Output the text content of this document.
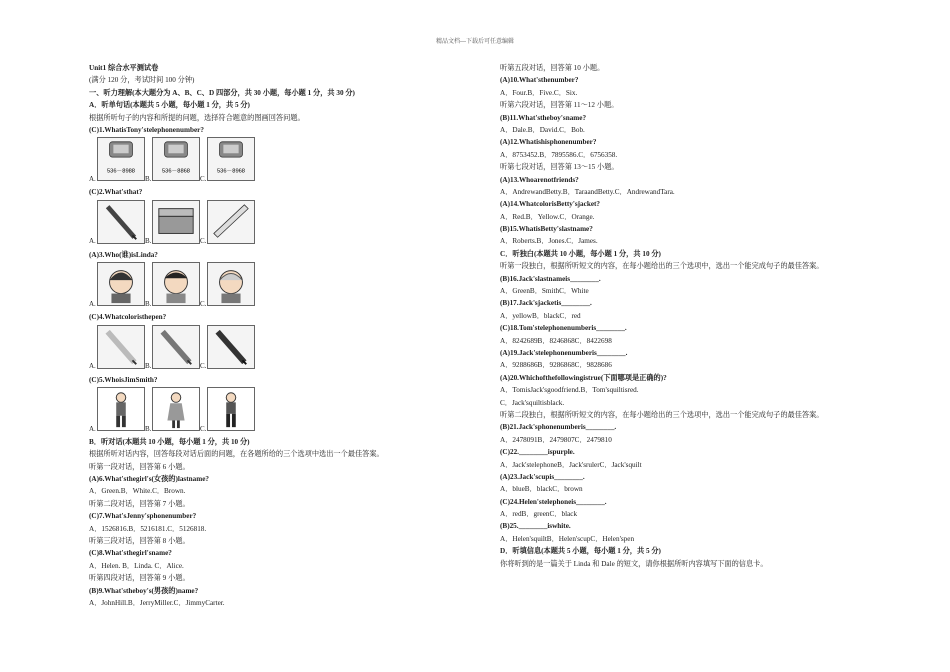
精品文档---下载后可任意编辑
Unit1 综合水平测试卷
(满分 120 分，考试时间 100 分钟)
一、听力理解(本大题分为 A、B、C、D 四部分，共 30 小题，每小题 1 分，共 30 分)
A．听单句话(本题共 5 小题，每小题 1 分，共 5 分)
根据所听句子的内容和所提的问题，选择符合题意的图画回答问题。
(C)1.WhatisTony'stelephonenumber?
A.
536－8988
B.
536－8868
C.
536－8968
(C)2.What'sthat?
A.	B.	C.
(A)3.Who(谁)isLinda?
A.	B.	C.
(C)4.Whatcoloristhepen?
A.	B.	C.
(C)5.WhoisJimSmith?
A.	B.	C.
B．听对话(本题共 10 小题，每小题 1 分，共 10 分)
根据所听对话内容，回答每段对话后面的问题，在各题所给的三个选项中选出一个最佳答案。
听第一段对话，回答第 6 小题。
(A)6.What'sthegirl's(女孩的)lastname?
A．Green.B．White.C．Brown.
听第二段对话，回答第 7 小题。
(C)7.What'sJenny'sphonenumber?
A．1526816.B．5216181.C．5126818.
听第三段对话，回答第 8 小题。
(C)8.What'sthegirl'sname?
A．Helen. B．Linda. C．Alice.
听第四段对话，回答第 9 小题。
(B)9.What'stheboy's(男孩的)name?
A．JohnHill.B．JerryMiller.C．JimmyCarter.
听第五段对话，回答第 10 小题。
(A)10.What'sthenumber?
A．Four.B．Five.C．Six.
听第六段对话，回答第 11～12 小题。
(B)11.What'stheboy'sname?
A．Dale.B．David.C．Bob.
(A)12.Whatishisphonenumber?
A．8753452.B．7895586.C．6756358.
听第七段对话，回答第 13～15 小题。
(A)13.Whoarenotfriends?
A．AndrewandBetty.B．TaraandBetty.C．AndrewandTara.
(A)14.WhatcolorisBetty'sjacket?
A．Red.B．Yellow.C．Orange.
(B)15.WhatisBetty'slastname?
A．Roberts.B．Jones.C．James.
C．听独白(本题共 10 小题，每小题 1 分，共 10 分)
听第一段独白，根据所听短文的内容，在每小题给出的三个选项中，选出一个能完成句子的最佳答案。
(B)16.Jack'slastnameis________.
A．GreenB．SmithC．White
(B)17.Jack'sjacketis________.
A．yellowB．blackC．red
(C)18.Tom'stelephonenumberis________.
A．8242689B．8246868C．8422698
(A)19.Jack'stelephonenumberis________.
A．9288686B．9286868C．9828686
(A)20.Whichofthefollowingistrue(下面哪项是正确的)?
A．TomisJack'sgoodfriend.B．Tom'squiltisred.
C．Jack'squiltisblack.
听第二段独白，根据所听短文的内容，在每小题给出的三个选项中，选出一个能完成句子的最佳答案。
(B)21.Jack'sphonenumberis________.
A．2478091B．2479807C．2479810
(C)22.________ispurple.
A．Jack'stelephoneB．Jack'srulerC．Jack'squilt
(A)23.Jack'scupis________.
A．blueB．blackC．brown
(C)24.Helen'stelephoneis________.
A．redB．greenC．black
(B)25.________iswhite.
A．Helen'squiltB．Helen'scupC．Helen'spen
D．听填信息(本题共 5 小题，每小题 1 分，共 5 分)
你将听到的是一篇关于 Linda 和 Dale 的短文，请你根据所听内容填写下面的信息卡。
